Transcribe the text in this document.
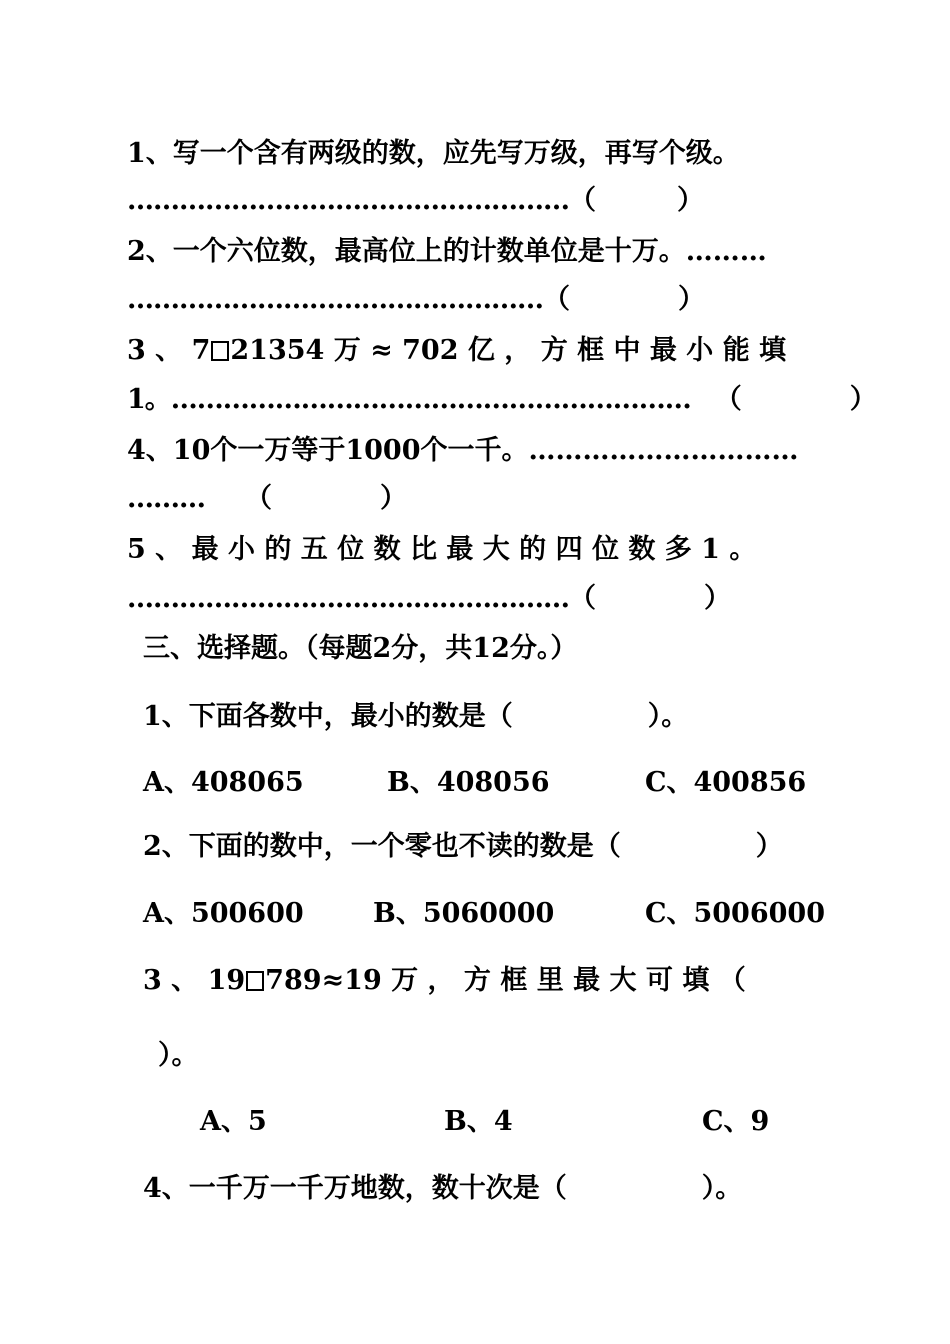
1、写一个含有两级的数，应先写万级，再写个级。
……………………………………………（　　　）
2、一个六位数，最高位上的计数单位是十万。………
…………………………………………（　　　　）
3 、 7 21354 万 ≈ 702 亿 ， 方 框 中 最 小 能 填
1。…………………………………………………… （　　　　）
4、10个一万等于1000个一千。…………………………
……… （　　　　）
5 、 最 小 的 五 位 数 比 最 大 的 四 位 数 多 1 。
……………………………………………（　　　　）
三、选择题。（每题2分，共12分。）
1、下面各数中，最小的数是（　　　　　）。
A、408065	B、408056	C、400856
2、下面的数中，一个零也不读的数是（　　　　　）
A、500600	B、5060000	C、5006000
3 、 19 789≈19 万 ， 方 框 里 最 大 可 填 （
）。
A、5	B、4	C、9
4、一千万一千万地数，数十次是（　　　　　）。
